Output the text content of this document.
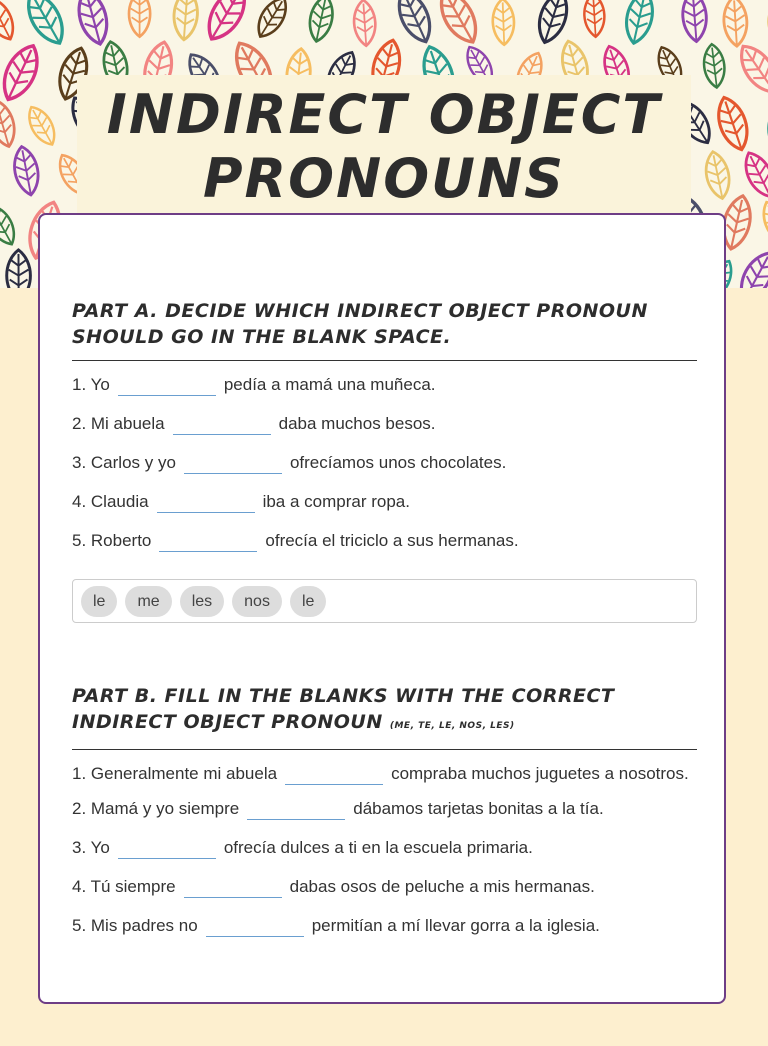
INDIRECT OBJECT
PRONOUNS
PART A. DECIDE WHICH INDIRECT OBJECT PRONOUN SHOULD GO IN THE BLANK SPACE.

1. Yo	pedía a mamá una muñeca.

2. Mi abuela	daba muchos besos.

3. Carlos y yo	ofrecíamos unos chocolates.

4. Claudia	iba a comprar ropa.

5. Roberto	ofrecía el triciclo a sus hermanas.

le	me	les	nos	le
PART B. FILL IN THE BLANKS WITH THE CORRECT INDIRECT OBJECT PRONOUN (ME, TE, LE, NOS, LES)

1. Generalmente mi abuela	compraba muchos juguetes a nosotros.

2. Mamá y yo siempre	dábamos tarjetas bonitas a la tía.

3. Yo	ofrecía dulces a ti en la escuela primaria.

4. Tú siempre	dabas osos de peluche a mis hermanas.

5. Mis padres no	permitían a mí llevar gorra a la iglesia.
